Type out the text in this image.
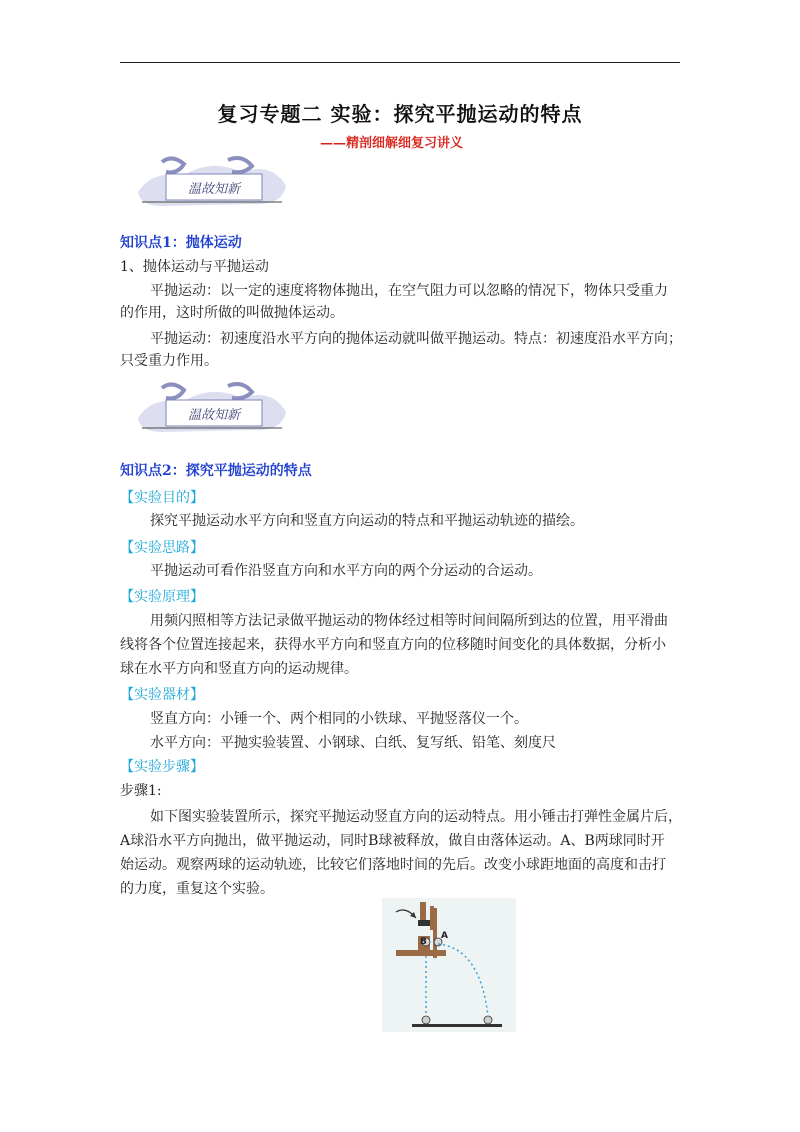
复习专题二 实验：探究平抛运动的特点
——精剖细解细复习讲义
温故知新
知识点1：抛体运动
1、抛体运动与平抛运动
平抛运动：以一定的速度将物体抛出，在空气阻力可以忽略的情况下，物体只受重力
的作用，这时所做的叫做抛体运动。
平抛运动：初速度沿水平方向的抛体运动就叫做平抛运动。特点：初速度沿水平方向；
只受重力作用。
温故知新
知识点2：探究平抛运动的特点
【实验目的】
探究平抛运动水平方向和竖直方向运动的特点和平抛运动轨迹的描绘。
【实验思路】
平抛运动可看作沿竖直方向和水平方向的两个分运动的合运动。
【实验原理】
用频闪照相等方法记录做平抛运动的物体经过相等时间间隔所到达的位置，用平滑曲
线将各个位置连接起来，获得水平方向和竖直方向的位移随时间变化的具体数据，分析小
球在水平方向和竖直方向的运动规律。
【实验器材】
竖直方向：小锤一个、两个相同的小铁球、平抛竖落仪一个。
水平方向：平抛实验装置、小钢球、白纸、复写纸、铅笔、刻度尺
【实验步骤】
步骤1:
如下图实验装置所示，探究平抛运动竖直方向的运动特点。用小锤击打弹性金属片后，
A球沿水平方向抛出，做平抛运动，同时B球被释放，做自由落体运动。A、B两球同时开
始运动。观察两球的运动轨迹，比较它们落地时间的先后。改变小球距地面的高度和击打
的力度，重复这个实验。
B
A
